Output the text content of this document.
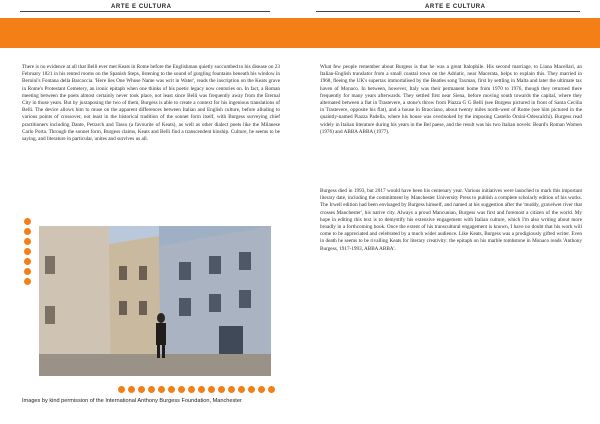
ARTE E CULTURA	ARTE E CULTURA
There is no evidence at all that Belli ever met Keats in Rome before the Englishman quietly succumbed to his disease on 23 February 1821 in his rented rooms on the Spanish Steps, listening to the sound of gurgling fountains beneath his window in Bernini's Fontana della Barcaccia. 'Here lies One Whose Name was writ in Water', reads the inscription on the Keats grave in Rome's Protestant Cemetery, an ironic epitaph when one thinks of his poetic legacy now centuries on. In fact, a Roman meeting between the poets almost certainly never took place, not least since Belli was frequently away from the Eternal City in those years. But by juxtaposing the two of them, Burgess is able to create a context for his ingenious translations of Belli. The device allows him to muse on the apparent differences between Italian and English culture, before alluding to various points of crossover, not least in the historical tradition of the sonnet form itself, with Burgess surveying chief practitioners including Dante, Petrarch and Tasso (a favourite of Keats), as well as other dialect poets like the Milanese Carlo Porta. Through the sonnet form, Burgess claims, Keats and Belli find a transcendent kinship. Culture, he seems to be saying, and literature in particular, unites and survives us all.
What few people remember about Burgess is that he was a great Italophile. His second marriage, to Liana Macellari, an Italian-English translator from a small coastal town on the Adriatic, near Macerata, helps to explain this. They married in 1968, fleeing the UK's supertax immortalised by the Beatles song Taxman, first by settling in Malta and later the ultimate tax haven of Monaco. In between, however, Italy was their permanent home from 1970 to 1976, though they returned there frequently for many years afterwards. They settled first near Siena, before moving south towards the capital, where they alternated between a flat in Trastevere, a stone's throw from Piazza G G Belli (see Burgess pictured in front of Santa Cecilia in Trastevere, opposite his flat), and a house in Bracciano, about twenty miles north-west of Rome (see him pictured in the quaintly-named Piazza Padella, where his house was overlooked by the imposing Castello Orsini-Odescalchi). Burgess read widely in Italian literature during his years in the Bel paese, and the result was his two Italian novels: Beard's Roman Women (1976) and ABBA ABBA (1977).
Burgess died in 1993, but 2017 would have been his centenary year. Various initiatives were launched to mark this important literary date, including the commitment by Manchester University Press to publish a complete scholarly edition of his works. The Irwell edition had been envisaged by Burgess himself, and named at his suggestion after the 'muddy, gravelwet river that crosses Manchester', his native city. Always a proud Mancunian, Burgess was first and foremost a citizen of the world. My hope in editing this text is to demystify his extensive engagement with Italian culture, which I'm also writing about more broadly in a forthcoming book. Once the extent of his transcultural engagement is known, I have no doubt that his work will come to be appreciated and celebrated by a much wider audience. Like Keats, Burgess was a prodigiously gifted writer. Even in death he seems to be rivalling Keats for literary creativity: the epitaph on his marble tombstone in Monaco reads 'Anthony Burgess, 1917-1993, ABBA ABBA'.
Images by kind permission of the International Anthony Burgess Foundation, Manchester
